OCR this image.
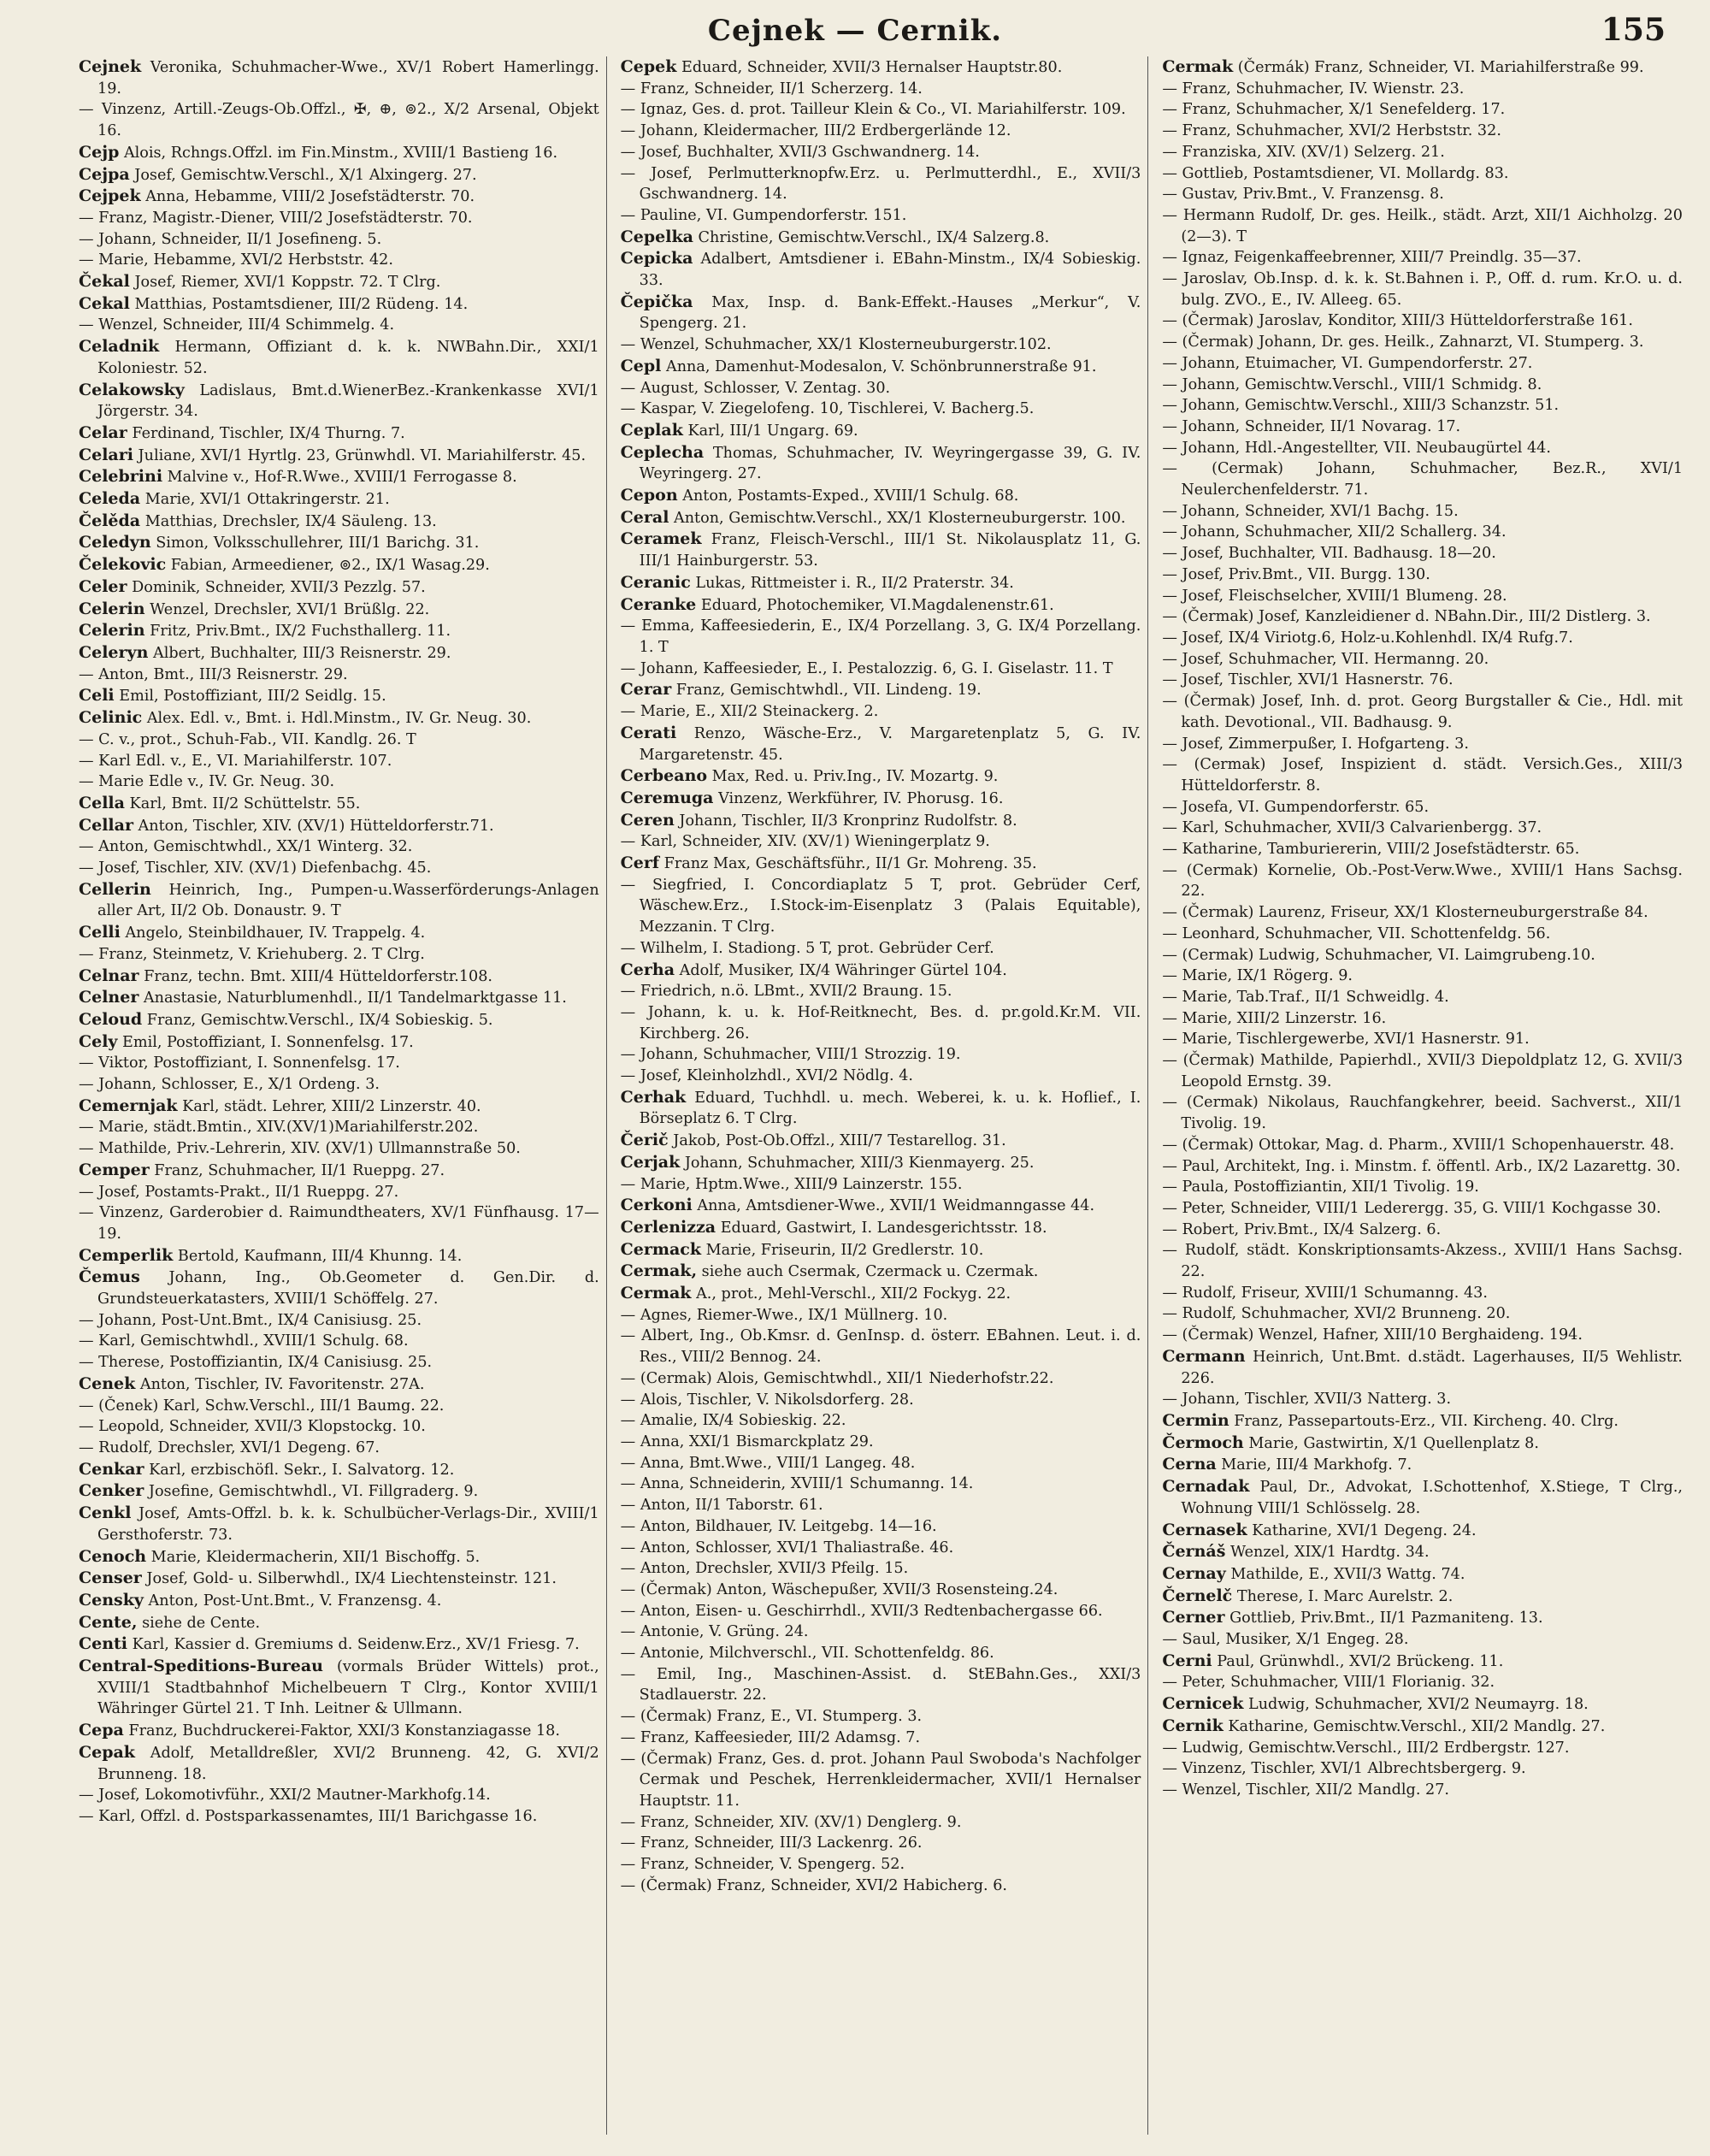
Cejnek — Cernik.	155

Cejnek Veronika, Schuhmacher-Wwe., XV/1 Robert Hamerlingg. 19.

— Vinzenz, Artill.-Zeugs-Ob.Offzl., ✠, ⊕, ⊚2., X/2 Arsenal, Objekt 16.

Cejp Alois, Rchngs.Offzl. im Fin.Minstm., XVIII/1 Bastieng 16.

Cejpa Josef, Gemischtw.Verschl., X/1 Alxingerg. 27.

Cejpek Anna, Hebamme, VIII/2 Josefstädterstr. 70.

— Franz, Magistr.-Diener, VIII/2 Josefstädterstr. 70.

— Johann, Schneider, II/1 Josefineng. 5.

— Marie, Hebamme, XVI/2 Herbststr. 42.

Čekal Josef, Riemer, XVI/1 Koppstr. 72. T Clrg.

Cekal Matthias, Postamtsdiener, III/2 Rüdeng. 14.

— Wenzel, Schneider, III/4 Schimmelg. 4.

Celadnik Hermann, Offiziant d. k. k. NWBahn.Dir., XXI/1 Koloniestr. 52.

Celakowsky Ladislaus, Bmt.d.WienerBez.-Krankenkasse XVI/1 Jörgerstr. 34.

Celar Ferdinand, Tischler, IX/4 Thurng. 7.

Celari Juliane, XVI/1 Hyrtlg. 23, Grünwhdl. VI. Mariahilferstr. 45.

Celebrini Malvine v., Hof-R.Wwe., XVIII/1 Ferrogasse 8.

Celeda Marie, XVI/1 Ottakringerstr. 21.

Čelěda Matthias, Drechsler, IX/4 Säuleng. 13.

Celedyn Simon, Volksschullehrer, III/1 Barichg. 31.

Čelekovic Fabian, Armeediener, ⊚2., IX/1 Wasag.29.

Celer Dominik, Schneider, XVII/3 Pezzlg. 57.

Celerin Wenzel, Drechsler, XVI/1 Brüßlg. 22.

Celerin Fritz, Priv.Bmt., IX/2 Fuchsthallerg. 11.

Celeryn Albert, Buchhalter, III/3 Reisnerstr. 29.

— Anton, Bmt., III/3 Reisnerstr. 29.

Celi Emil, Postoffiziant, III/2 Seidlg. 15.

Celinic Alex. Edl. v., Bmt. i. Hdl.Minstm., IV. Gr. Neug. 30.

— C. v., prot., Schuh-Fab., VII. Kandlg. 26. T

— Karl Edl. v., E., VI. Mariahilferstr. 107.

— Marie Edle v., IV. Gr. Neug. 30.

Cella Karl, Bmt. II/2 Schüttelstr. 55.

Cellar Anton, Tischler, XIV. (XV/1) Hütteldorferstr.71.

— Anton, Gemischtwhdl., XX/1 Winterg. 32.

— Josef, Tischler, XIV. (XV/1) Diefenbachg. 45.

Cellerin Heinrich, Ing., Pumpen-u.Wasserförderungs-Anlagen aller Art, II/2 Ob. Donaustr. 9. T

Celli Angelo, Steinbildhauer, IV. Trappelg. 4.

— Franz, Steinmetz, V. Kriehuberg. 2. T Clrg.

Celnar Franz, techn. Bmt. XIII/4 Hütteldorferstr.108.

Celner Anastasie, Naturblumenhdl., II/1 Tandelmarktgasse 11.

Celoud Franz, Gemischtw.Verschl., IX/4 Sobieskig. 5.

Cely Emil, Postoffiziant, I. Sonnenfelsg. 17.

— Viktor, Postoffiziant, I. Sonnenfelsg. 17.

— Johann, Schlosser, E., X/1 Ordeng. 3.

Cemernjak Karl, städt. Lehrer, XIII/2 Linzerstr. 40.

— Marie, städt.Bmtin., XIV.(XV/1)Mariahilferstr.202.

— Mathilde, Priv.-Lehrerin, XIV. (XV/1) Ullmannstraße 50.

Cemper Franz, Schuhmacher, II/1 Rueppg. 27.

— Josef, Postamts-Prakt., II/1 Rueppg. 27.

— Vinzenz, Garderobier d. Raimundtheaters, XV/1 Fünfhausg. 17—19.

Cemperlik Bertold, Kaufmann, III/4 Khunng. 14.

Čemus Johann, Ing., Ob.Geometer d. Gen.Dir. d. Grundsteuerkatasters, XVIII/1 Schöffelg. 27.

— Johann, Post-Unt.Bmt., IX/4 Canisiusg. 25.

— Karl, Gemischtwhdl., XVIII/1 Schulg. 68.

— Therese, Postoffiziantin, IX/4 Canisiusg. 25.

Cenek Anton, Tischler, IV. Favoritenstr. 27A.

— (Čenek) Karl, Schw.Verschl., III/1 Baumg. 22.

— Leopold, Schneider, XVII/3 Klopstockg. 10.

— Rudolf, Drechsler, XVI/1 Degeng. 67.

Cenkar Karl, erzbischöfl. Sekr., I. Salvatorg. 12.

Cenker Josefine, Gemischtwhdl., VI. Fillgraderg. 9.

Cenkl Josef, Amts-Offzl. b. k. k. Schulbücher-Verlags-Dir., XVIII/1 Gersthoferstr. 73.

Cenoch Marie, Kleidermacherin, XII/1 Bischoffg. 5.

Censer Josef, Gold- u. Silberwhdl., IX/4 Liechtensteinstr. 121.

Censky Anton, Post-Unt.Bmt., V. Franzensg. 4.

Cente, siehe de Cente.

Centi Karl, Kassier d. Gremiums d. Seidenw.Erz., XV/1 Friesg. 7.

Central-Speditions-Bureau (vormals Brüder Wittels) prot., XVIII/1 Stadtbahnhof Michelbeuern T Clrg., Kontor XVIII/1 Währinger Gürtel 21. T Inh. Leitner & Ullmann.

Cepa Franz, Buchdruckerei-Faktor, XXI/3 Konstanziagasse 18.

Cepak Adolf, Metalldreßler, XVI/2 Brunneng. 42, G. XVI/2 Brunneng. 18.

— Josef, Lokomotivführ., XXI/2 Mautner-Markhofg.14.

— Karl, Offzl. d. Postsparkassenamtes, III/1 Barichgasse 16.

Cepek Eduard, Schneider, XVII/3 Hernalser Hauptstr.80.

— Franz, Schneider, II/1 Scherzerg. 14.

— Ignaz, Ges. d. prot. Tailleur Klein & Co., VI. Mariahilferstr. 109.

— Johann, Kleidermacher, III/2 Erdbergerlände 12.

— Josef, Buchhalter, XVII/3 Gschwandnerg. 14.

— Josef, Perlmutterknopfw.Erz. u. Perlmutterdhl., E., XVII/3 Gschwandnerg. 14.

— Pauline, VI. Gumpendorferstr. 151.

Cepelka Christine, Gemischtw.Verschl., IX/4 Salzerg.8.

Cepicka Adalbert, Amtsdiener i. EBahn-Minstm., IX/4 Sobieskig. 33.

Čepička Max, Insp. d. Bank-Effekt.-Hauses „Merkur“, V. Spengerg. 21.

— Wenzel, Schuhmacher, XX/1 Klosterneuburgerstr.102.

Cepl Anna, Damenhut-Modesalon, V. Schönbrunnerstraße 91.

— August, Schlosser, V. Zentag. 30.

— Kaspar, V. Ziegelofeng. 10, Tischlerei, V. Bacherg.5.

Ceplak Karl, III/1 Ungarg. 69.

Ceplecha Thomas, Schuhmacher, IV. Weyringergasse 39, G. IV. Weyringerg. 27.

Cepon Anton, Postamts-Exped., XVIII/1 Schulg. 68.

Ceral Anton, Gemischtw.Verschl., XX/1 Klosterneuburgerstr. 100.

Ceramek Franz, Fleisch-Verschl., III/1 St. Nikolausplatz 11, G. III/1 Hainburgerstr. 53.

Ceranic Lukas, Rittmeister i. R., II/2 Praterstr. 34.

Ceranke Eduard, Photochemiker, VI.Magdalenenstr.61.

— Emma, Kaffeesiederin, E., IX/4 Porzellang. 3, G. IX/4 Porzellang. 1. T

— Johann, Kaffeesieder, E., I. Pestalozzig. 6, G. I. Giselastr. 11. T

Cerar Franz, Gemischtwhdl., VII. Lindeng. 19.

— Marie, E., XII/2 Steinackerg. 2.

Cerati Renzo, Wäsche-Erz., V. Margaretenplatz 5, G. IV. Margaretenstr. 45.

Cerbeano Max, Red. u. Priv.Ing., IV. Mozartg. 9.

Ceremuga Vinzenz, Werkführer, IV. Phorusg. 16.

Ceren Johann, Tischler, II/3 Kronprinz Rudolfstr. 8.

— Karl, Schneider, XIV. (XV/1) Wieningerplatz 9.

Cerf Franz Max, Geschäftsführ., II/1 Gr. Mohreng. 35.

— Siegfried, I. Concordiaplatz 5 T, prot. Gebrüder Cerf, Wäschew.Erz., I.Stock-im-Eisenplatz 3 (Palais Equitable), Mezzanin. T Clrg.

— Wilhelm, I. Stadiong. 5 T, prot. Gebrüder Cerf.

Cerha Adolf, Musiker, IX/4 Währinger Gürtel 104.

— Friedrich, n.ö. LBmt., XVII/2 Braung. 15.

— Johann, k. u. k. Hof-Reitknecht, Bes. d. pr.gold.Kr.M. VII. Kirchberg. 26.

— Johann, Schuhmacher, VIII/1 Strozzig. 19.

— Josef, Kleinholzhdl., XVI/2 Nödlg. 4.

Cerhak Eduard, Tuchhdl. u. mech. Weberei, k. u. k. Hoflief., I. Börseplatz 6. T Clrg.

Čerič Jakob, Post-Ob.Offzl., XIII/7 Testarellog. 31.

Cerjak Johann, Schuhmacher, XIII/3 Kienmayerg. 25.

— Marie, Hptm.Wwe., XIII/9 Lainzerstr. 155.

Cerkoni Anna, Amtsdiener-Wwe., XVII/1 Weidmanngasse 44.

Cerlenizza Eduard, Gastwirt, I. Landesgerichtsstr. 18.

Cermack Marie, Friseurin, II/2 Gredlerstr. 10.

Cermak, siehe auch Csermak, Czermack u. Czermak.

Cermak A., prot., Mehl-Verschl., XII/2 Fockyg. 22.

— Agnes, Riemer-Wwe., IX/1 Müllnerg. 10.

— Albert, Ing., Ob.Kmsr. d. GenInsp. d. österr. EBahnen. Leut. i. d. Res., VIII/2 Bennog. 24.

— (Cermak) Alois, Gemischtwhdl., XII/1 Niederhofstr.22.

— Alois, Tischler, V. Nikolsdorferg. 28.

— Amalie, IX/4 Sobieskig. 22.

— Anna, XXI/1 Bismarckplatz 29.

— Anna, Bmt.Wwe., VIII/1 Langeg. 48.

— Anna, Schneiderin, XVIII/1 Schumanng. 14.

— Anton, II/1 Taborstr. 61.

— Anton, Bildhauer, IV. Leitgebg. 14—16.

— Anton, Schlosser, XVI/1 Thaliastraße. 46.

— Anton, Drechsler, XVII/3 Pfeilg. 15.

— (Čermak) Anton, Wäschepußer, XVII/3 Rosensteing.24.

— Anton, Eisen- u. Geschirrhdl., XVII/3 Redtenbachergasse 66.

— Antonie, V. Grüng. 24.

— Antonie, Milchverschl., VII. Schottenfeldg. 86.

— Emil, Ing., Maschinen-Assist. d. StEBahn.Ges., XXI/3 Stadlauerstr. 22.

— (Čermak) Franz, E., VI. Stumperg. 3.

— Franz, Kaffeesieder, III/2 Adamsg. 7.

— (Čermak) Franz, Ges. d. prot. Johann Paul Swoboda's Nachfolger Cermak und Peschek, Herrenkleidermacher, XVII/1 Hernalser Hauptstr. 11.

— Franz, Schneider, XIV. (XV/1) Denglerg. 9.

— Franz, Schneider, III/3 Lackenrg. 26.

— Franz, Schneider, V. Spengerg. 52.

— (Čermak) Franz, Schneider, XVI/2 Habicherg. 6.

Cermak (Čermák) Franz, Schneider, VI. Mariahilferstraße 99.

— Franz, Schuhmacher, IV. Wienstr. 23.

— Franz, Schuhmacher, X/1 Senefelderg. 17.

— Franz, Schuhmacher, XVI/2 Herbststr. 32.

— Franziska, XIV. (XV/1) Selzerg. 21.

— Gottlieb, Postamtsdiener, VI. Mollardg. 83.

— Gustav, Priv.Bmt., V. Franzensg. 8.

— Hermann Rudolf, Dr. ges. Heilk., städt. Arzt, XII/1 Aichholzg. 20 (2—3). T

— Ignaz, Feigenkaffeebrenner, XIII/7 Preindlg. 35—37.

— Jaroslav, Ob.Insp. d. k. k. St.Bahnen i. P., Off. d. rum. Kr.O. u. d. bulg. ZVO., E., IV. Alleeg. 65.

— (Čermak) Jaroslav, Konditor, XIII/3 Hütteldorferstraße 161.

— (Čermak) Johann, Dr. ges. Heilk., Zahnarzt, VI. Stumperg. 3.

— Johann, Etuimacher, VI. Gumpendorferstr. 27.

— Johann, Gemischtw.Verschl., VIII/1 Schmidg. 8.

— Johann, Gemischtw.Verschl., XIII/3 Schanzstr. 51.

— Johann, Schneider, II/1 Novarag. 17.

— Johann, Hdl.-Angestellter, VII. Neubaugürtel 44.

— (Cermak) Johann, Schuhmacher, Bez.R., XVI/1 Neulerchenfelderstr. 71.

— Johann, Schneider, XVI/1 Bachg. 15.

— Johann, Schuhmacher, XII/2 Schallerg. 34.

— Josef, Buchhalter, VII. Badhausg. 18—20.

— Josef, Priv.Bmt., VII. Burgg. 130.

— Josef, Fleischselcher, XVIII/1 Blumeng. 28.

— (Čermak) Josef, Kanzleidiener d. NBahn.Dir., III/2 Distlerg. 3.

— Josef, IX/4 Viriotg.6, Holz-u.Kohlenhdl. IX/4 Rufg.7.

— Josef, Schuhmacher, VII. Hermanng. 20.

— Josef, Tischler, XVI/1 Hasnerstr. 76.

— (Čermak) Josef, Inh. d. prot. Georg Burgstaller & Cie., Hdl. mit kath. Devotional., VII. Badhausg. 9.

— Josef, Zimmerpußer, I. Hofgarteng. 3.

— (Cermak) Josef, Inspizient d. städt. Versich.Ges., XIII/3 Hütteldorferstr. 8.

— Josefa, VI. Gumpendorferstr. 65.

— Karl, Schuhmacher, XVII/3 Calvarienbergg. 37.

— Katharine, Tamburiererin, VIII/2 Josefstädterstr. 65.

— (Cermak) Kornelie, Ob.-Post-Verw.Wwe., XVIII/1 Hans Sachsg. 22.

— (Čermak) Laurenz, Friseur, XX/1 Klosterneuburgerstraße 84.

— Leonhard, Schuhmacher, VII. Schottenfeldg. 56.

— (Cermak) Ludwig, Schuhmacher, VI. Laimgrubeng.10.

— Marie, IX/1 Rögerg. 9.

— Marie, Tab.Traf., II/1 Schweidlg. 4.

— Marie, XIII/2 Linzerstr. 16.

— Marie, Tischlergewerbe, XVI/1 Hasnerstr. 91.

— (Čermak) Mathilde, Papierhdl., XVII/3 Diepoldplatz 12, G. XVII/3 Leopold Ernstg. 39.

— (Cermak) Nikolaus, Rauchfangkehrer, beeid. Sachverst., XII/1 Tivolig. 19.

— (Čermak) Ottokar, Mag. d. Pharm., XVIII/1 Schopenhauerstr. 48.

— Paul, Architekt, Ing. i. Minstm. f. öffentl. Arb., IX/2 Lazarettg. 30.

— Paula, Postoffiziantin, XII/1 Tivolig. 19.

— Peter, Schneider, VIII/1 Lederergg. 35, G. VIII/1 Kochgasse 30.

— Robert, Priv.Bmt., IX/4 Salzerg. 6.

— Rudolf, städt. Konskriptionsamts-Akzess., XVIII/1 Hans Sachsg. 22.

— Rudolf, Friseur, XVIII/1 Schumanng. 43.

— Rudolf, Schuhmacher, XVI/2 Brunneng. 20.

— (Čermak) Wenzel, Hafner, XIII/10 Berghaideng. 194.

Cermann Heinrich, Unt.Bmt. d.städt. Lagerhauses, II/5 Wehlistr. 226.

— Johann, Tischler, XVII/3 Natterg. 3.

Cermin Franz, Passepartouts-Erz., VII. Kircheng. 40. Clrg.

Čermoch Marie, Gastwirtin, X/1 Quellenplatz 8.

Cerna Marie, III/4 Markhofg. 7.

Cernadak Paul, Dr., Advokat, I.Schottenhof, X.Stiege, T Clrg., Wohnung VIII/1 Schlösselg. 28.

Cernasek Katharine, XVI/1 Degeng. 24.

Černáš Wenzel, XIX/1 Hardtg. 34.

Cernay Mathilde, E., XVII/3 Wattg. 74.

Černelč Therese, I. Marc Aurelstr. 2.

Cerner Gottlieb, Priv.Bmt., II/1 Pazmaniteng. 13.

— Saul, Musiker, X/1 Engeg. 28.

Cerni Paul, Grünwhdl., XVI/2 Brückeng. 11.

— Peter, Schuhmacher, VIII/1 Florianig. 32.

Cernicek Ludwig, Schuhmacher, XVI/2 Neumayrg. 18.

Cernik Katharine, Gemischtw.Verschl., XII/2 Mandlg. 27.

— Ludwig, Gemischtw.Verschl., III/2 Erdbergstr. 127.

— Vinzenz, Tischler, XVI/1 Albrechtsbergerg. 9.

— Wenzel, Tischler, XII/2 Mandlg. 27.
